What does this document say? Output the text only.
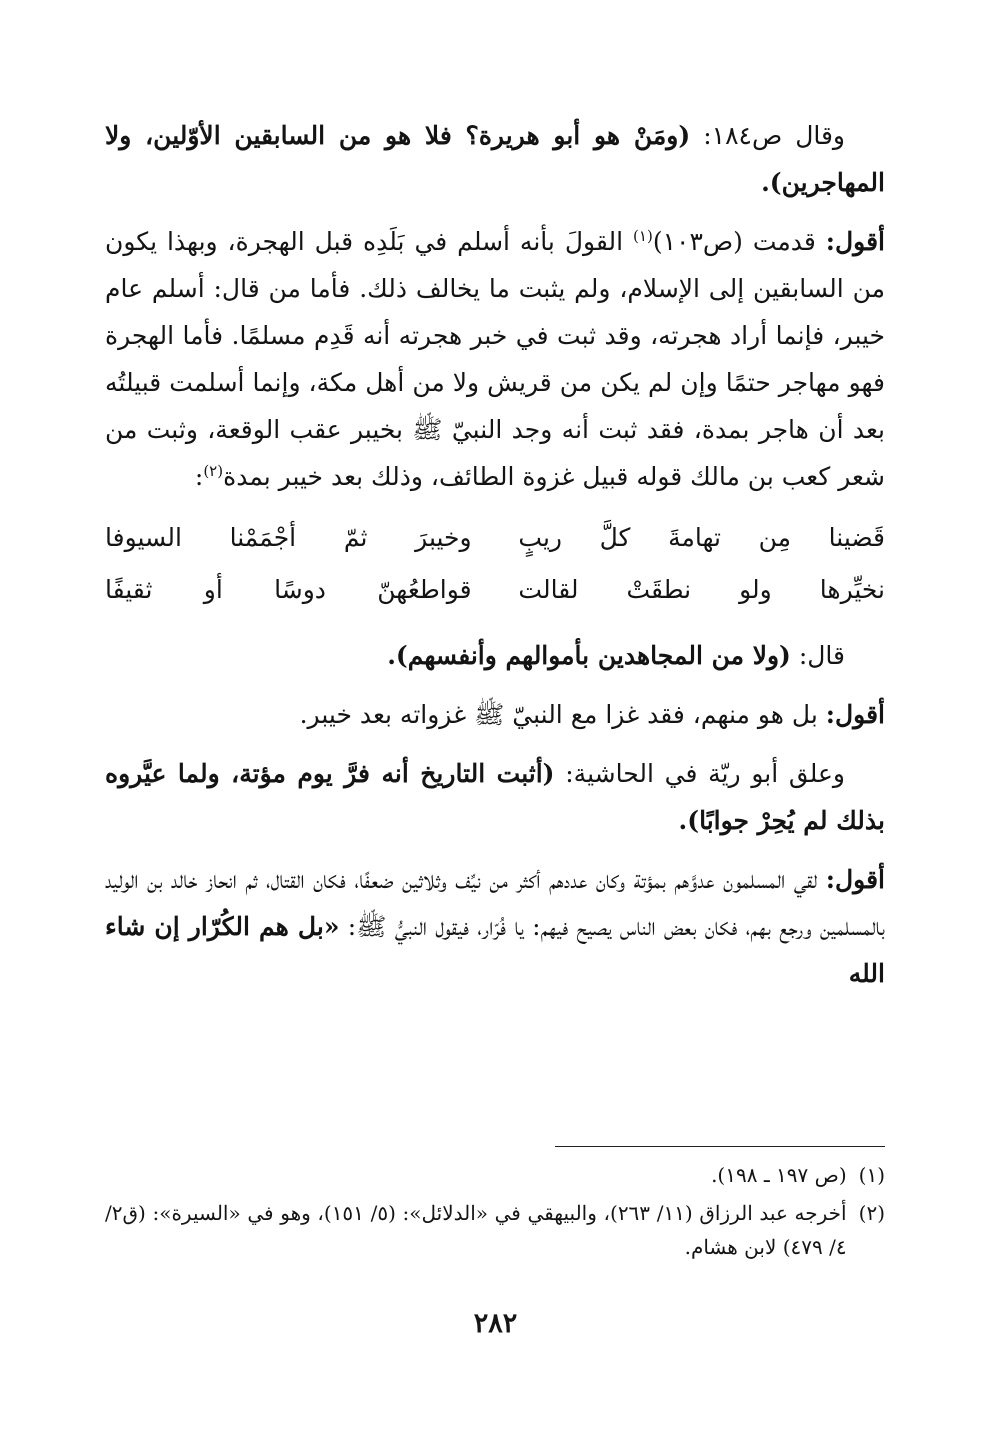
وقال ص١٨٤: (ومَنْ هو أبو هريرة؟ فلا هو من السابقين الأوّلين، ولا المهاجرين).

أقول: قدمت (ص١٠٣)$^{(١)}$ القولَ بأنه أسلم في بَلَدِه قبل الهجرة، وبهذا يكون من السابقين إلى الإسلام، ولم يثبت ما يخالف ذلك. فأما من قال: أسلم عام خيبر، فإنما أراد هجرته، وقد ثبت في خبر هجرته أنه قَدِم مسلمًا. فأما الهجرة فهو مهاجر حتمًا وإن لم يكن من قريش ولا من أهل مكة، وإنما أسلمت قبيلتُه بعد أن هاجر بمدة، فقد ثبت أنه وجد النبيّ ﷺ بخيبر عقب الوقعة، وثبت من شعر كعب بن مالك قوله قبيل غزوة الطائف، وذلك بعد خيبر بمدة$^{(٢)}$:

قَضينا مِن تهامةَ كلَّ ريبٍ
وخيبرَ ثمّ أجْمَمْنا السيوفا
نخيِّرها ولو نطقَتْ لقالت
قواطعُهنّ دوسًا أو ثقيفًا

قال: (ولا من المجاهدين بأموالهم وأنفسهم).

أقول: بل هو منهم، فقد غزا مع النبيّ ﷺ غزواته بعد خيبر.

وعلق أبو ريّة في الحاشية: (أثبت التاريخ أنه فرَّ يوم مؤتة، ولما عيَّروه بذلك لم يُحِرْ جوابًا).

أقول: لقي المسلمون عدوَّهم بمؤتة وكان عددهم أكثر من نيِّف وثلاثين ضعفًا، فكان القتال، ثم انحاز خالد بن الوليد بالمسلمين ورجع بهم، فكان بعض الناس يصيح فيهم: يا فُرّار، فيقول النبيُّ ﷺ: «بل هم الكُرّار إن شاء الله

(١)
(ص ١٩٧ ـ ١٩٨).
(٢)
أخرجه عبد الرزاق (١١/ ٢٦٣)، والبيهقي في «الدلائل»: (٥/ ١٥١)، وهو في «السيرة»: (ق٢/ ٤/ ٤٧٩) لابن هشام.
٢٨٢
